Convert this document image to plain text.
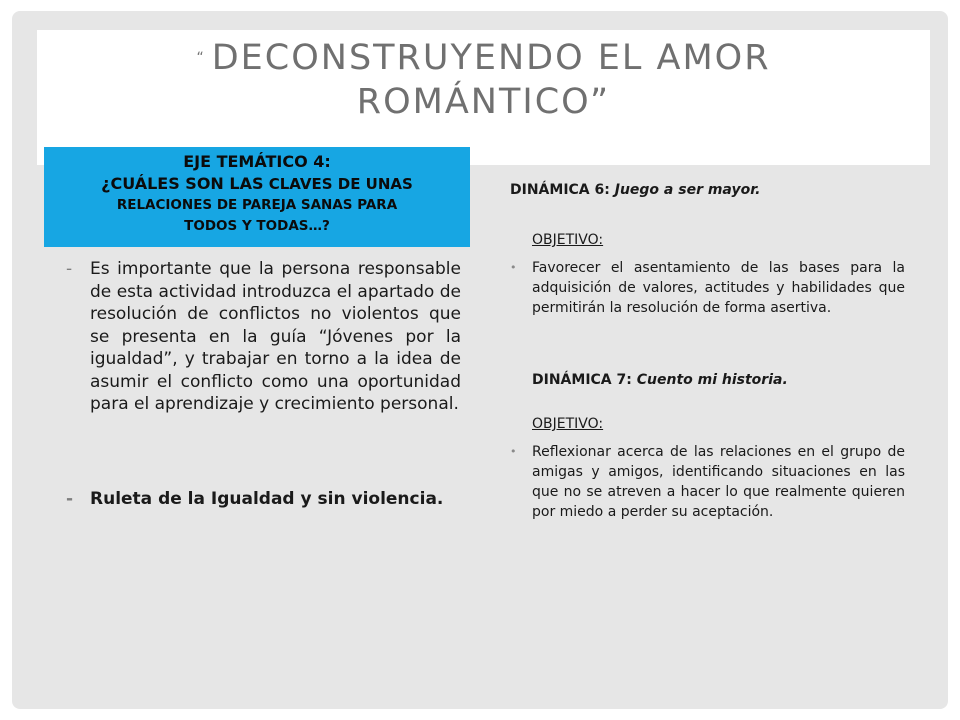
“ DECONSTRUYENDO EL AMOR
ROMÁNTICO”
EJE TEMÁTICO 4:
¿CUÁLES SON LAS CLAVES DE UNAS
RELACIONES DE PAREJA SANAS PARA
TODOS Y TODAS…?
- Es importante que la persona responsable de esta actividad introduzca el apartado de resolución de conflictos no violentos que se presenta en la guía “Jóvenes por la igualdad”, y trabajar en torno a la idea de asumir el conflicto como una oportunidad para el aprendizaje y crecimiento personal.
- Ruleta de la Igualdad y sin violencia.
DINÁMICA 6: Juego a ser mayor.
OBJETIVO:
• Favorecer el asentamiento de las bases para la adquisición de valores, actitudes y habilidades que permitirán la resolución de forma asertiva.
DINÁMICA 7: Cuento mi historia.
OBJETIVO:
• Reflexionar acerca de las relaciones en el grupo de amigas y amigos, identificando situaciones en las que no se atreven a hacer lo que realmente quieren por miedo a perder su aceptación.
